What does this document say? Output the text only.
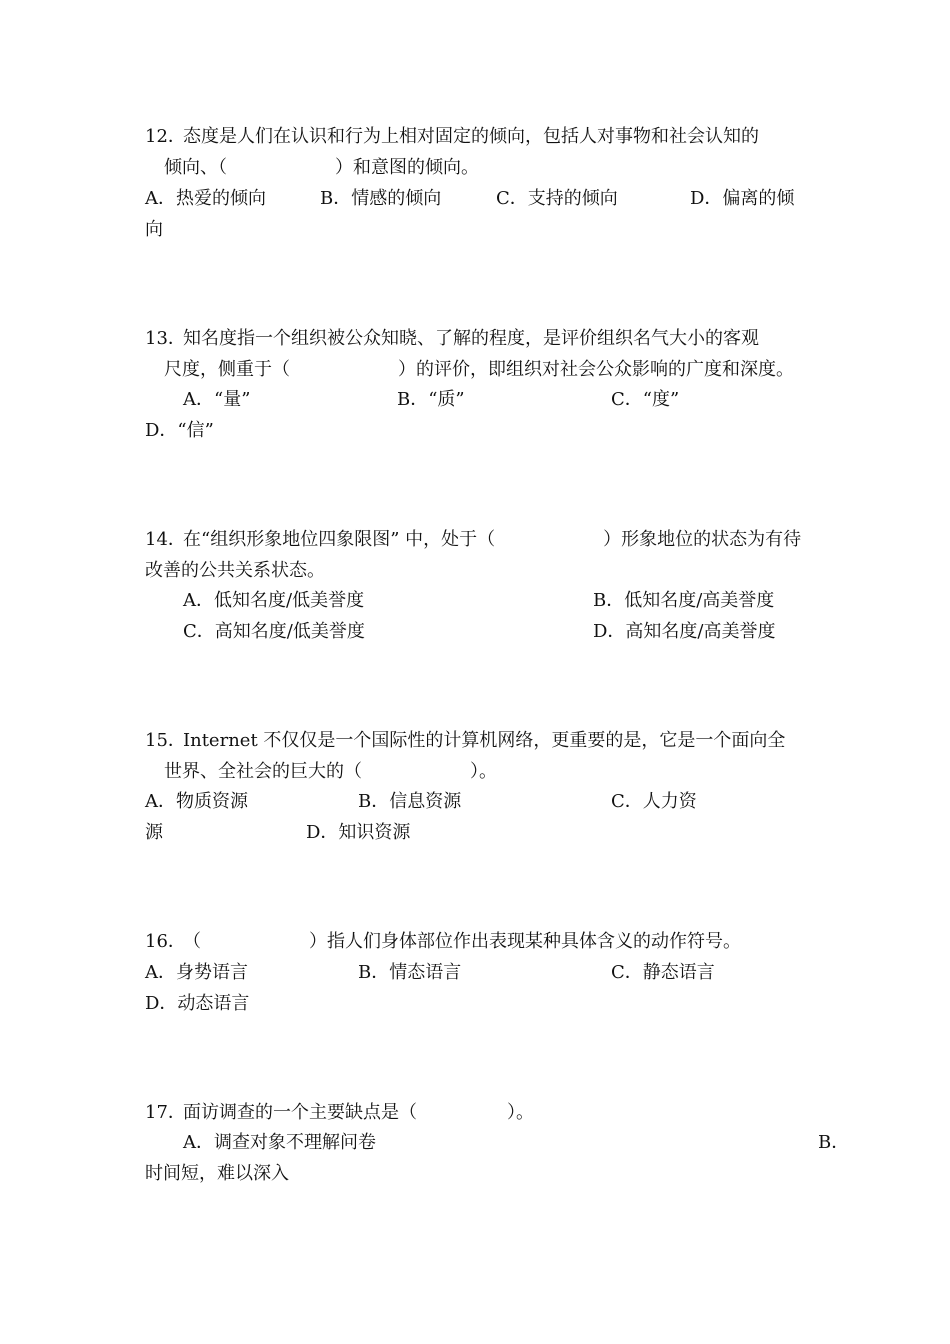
12．
态度是人们在认识和行为上相对固定的倾向，包括人对事物和社会认知的
倾向、（　　　　　　）和意图的倾向。
A．热爱的倾向	B．情感的倾向	C．支持的倾向	D．偏离的倾
向
13．
知名度指一个组织被公众知晓、了解的程度，是评价组织名气大小的客观
尺度，侧重于（　　　　　　）的评价，即组织对社会公众影响的广度和深度。
A．“量”	B．“质”	C．“度”
D．“信”
14．
在“组织形象地位四象限图” 中，处于（　　　　　　）形象地位的状态为有待
改善的公共关系状态。
A．低知名度/低美誉度	B．低知名度/高美誉度
C．高知名度/低美誉度	D．高知名度/高美誉度
15．
Internet 不仅仅是一个国际性的计算机网络，更重要的是，它是一个面向全
世界、全社会的巨大的（　　　　　　）。
A．物质资源	B．信息资源	C．人力资
源	D．知识资源
16．
（　　　　　　）指人们身体部位作出表现某种具体含义的动作符号。
A．身势语言	B．情态语言	C．静态语言
D．动态语言
17．
面访调查的一个主要缺点是（　　　　　）。
A．调查对象不理解问卷	B．
时间短，难以深入
